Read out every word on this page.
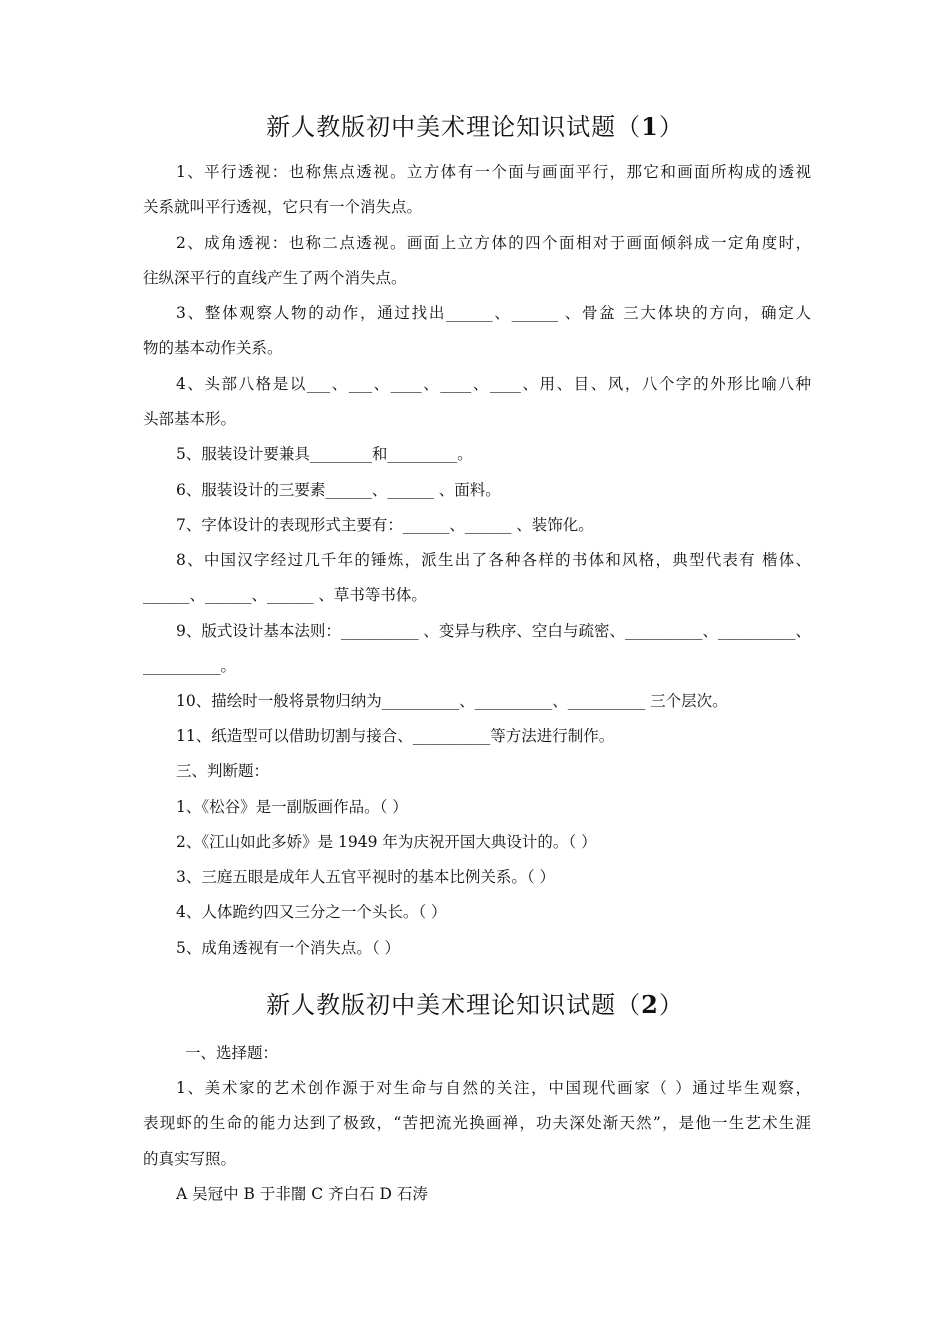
新人教版初中美术理论知识试题（1）
1、平行透视：也称焦点透视。立方体有一个面与画面平行，那它和画面所构成的透视
关系就叫平行透视，它只有一个消失点。
2、成角透视：也称二点透视。画面上立方体的四个面相对于画面倾斜成一定角度时，
往纵深平行的直线产生了两个消失点。
3、整体观察人物的动作，通过找出______、______ 、骨盆 三大体块的方向，确定人
物的基本动作关系。
4、头部八格是以___、___、____、____、____、用、目、风，八个字的外形比喻八种
头部基本形。
5、服装设计要兼具________和_________。
6、服装设计的三要素______、______ 、面料。
7、字体设计的表现形式主要有：______、______ 、装饰化。
8、中国汉字经过几千年的锤炼，派生出了各种各样的书体和风格，典型代表有 楷体、
______、______、______ 、草书等书体。
9、版式设计基本法则：__________ 、变异与秩序、空白与疏密、__________、__________、
__________。
10、描绘时一般将景物归纳为__________、__________、__________ 三个层次。
11、纸造型可以借助切割与接合、__________等方法进行制作。
三、判断题：
1、《松谷》是一副版画作品。（ ）
2、《江山如此多娇》是 1949 年为庆祝开国大典设计的。（ ）
3、三庭五眼是成年人五官平视时的基本比例关系。（ ）
4、人体跪约四又三分之一个头长。（ ）
5、成角透视有一个消失点。（ ）
新人教版初中美术理论知识试题（2）
一、选择题：
1、美术家的艺术创作源于对生命与自然的关注，中国现代画家（ ）通过毕生观察，
表现虾的生命的能力达到了极致，“苦把流光换画禅，功夫深处渐天然”，是他一生艺术生涯
的真实写照。
A 吴冠中 B 于非闇 C 齐白石 D 石涛
